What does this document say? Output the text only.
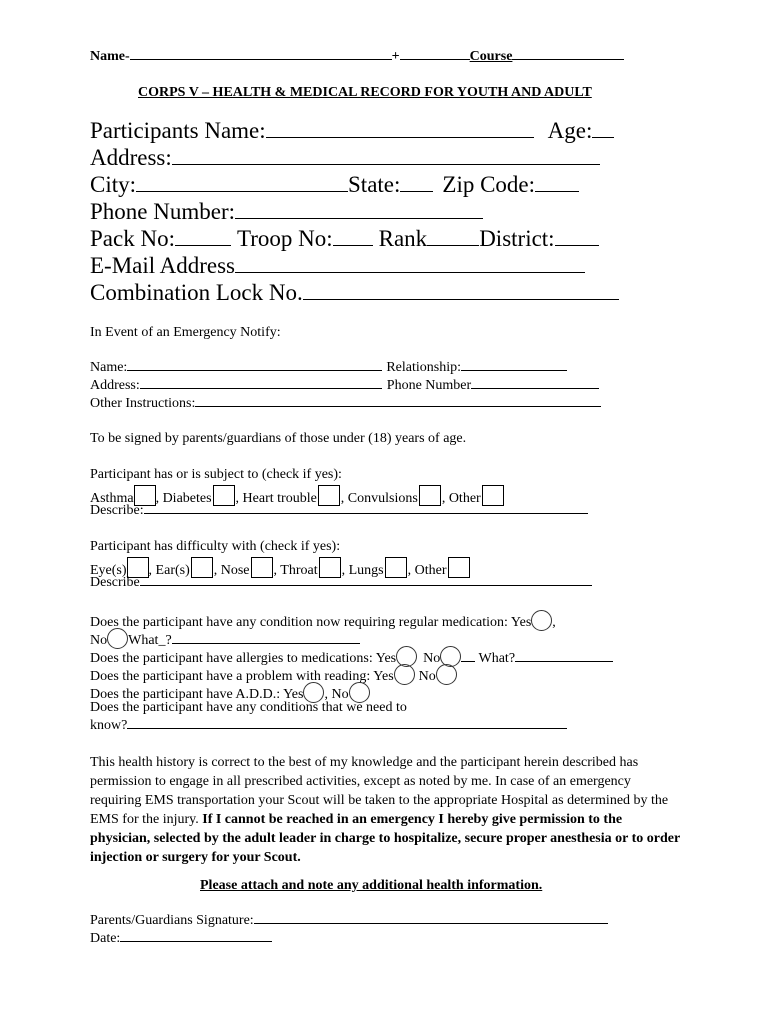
Name-	+	Course
CORPS V – HEALTH & MEDICAL RECORD FOR YOUTH AND ADULT
Participants Name:	Age:
Address:
City:	State: Zip Code:
Phone Number:
Pack No:	Troop No: Rank District:
E-Mail Address
Combination Lock No.
In Event of an Emergency Notify:
Name:	Relationship:
Address:	Phone Number
Other Instructions:
To be signed by parents/guardians of those under (18) years of age.
Participant has or is subject to (check if yes):
Asthma , Diabetes , Heart trouble , Convulsions , Other
Describe:
Participant has difficulty with (check if yes):
Eye(s) , Ear(s) , Nose , Throat , Lungs , Other
Describe
Does the participant have any condition now requiring regular medication: Yes ,
No What_?
Does the participant have allergies to medications: Yes No	What?
Does the participant have a problem with reading: Yes No
Does the participant have A.D.D.: Yes , No
Does the participant have any conditions that we need to
know?
This health history is correct to the best of my knowledge and the participant herein described has permission to engage in all prescribed activities, except as noted by me. In case of an emergency requiring EMS transportation your Scout will be taken to the appropriate Hospital as determined by the EMS for the injury. If I cannot be reached in an emergency I hereby give permission to the physician, selected by the adult leader in charge to hospitalize, secure proper anesthesia or to order injection or surgery for your Scout.
Please attach and note any additional health information.
Parents/Guardians Signature:
Date:
